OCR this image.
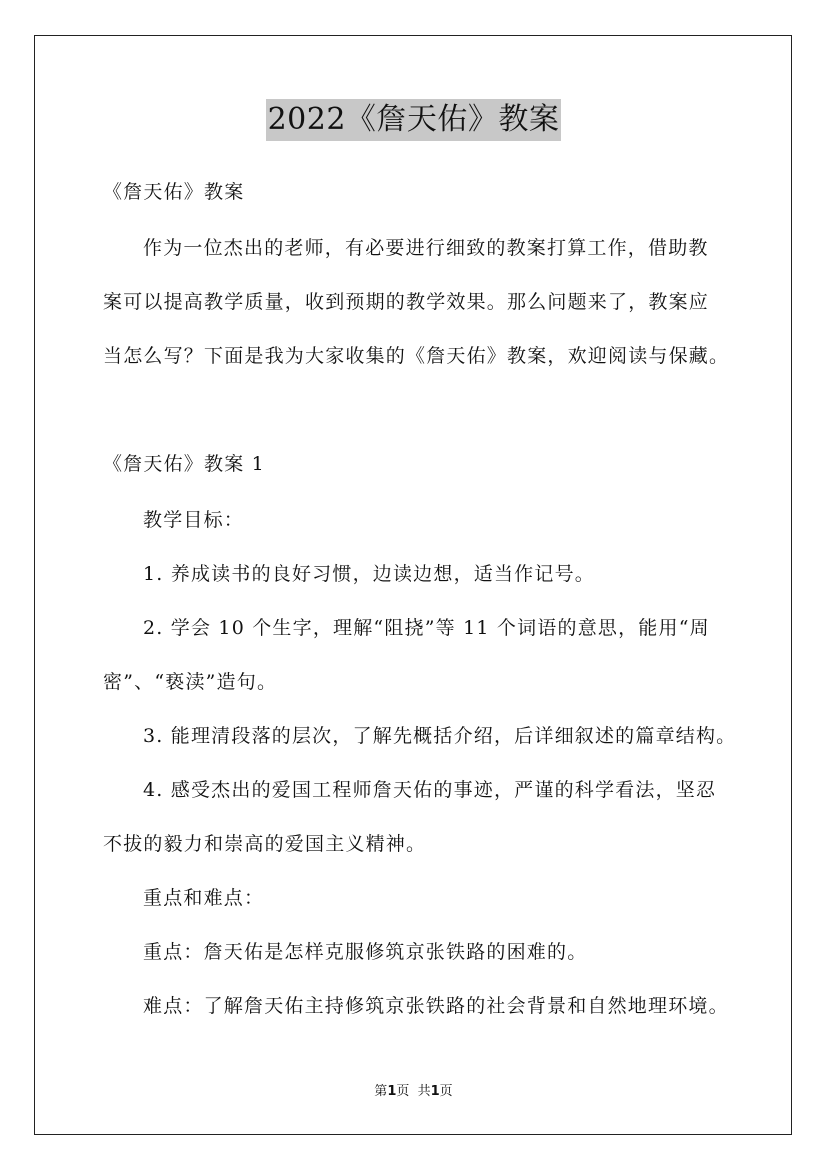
2022《詹天佑》教案
《詹天佑》教案
作为一位杰出的老师，有必要进行细致的教案打算工作，借助教
案可以提高教学质量，收到预期的教学效果。那么问题来了，教案应
当怎么写？下面是我为大家收集的《詹天佑》教案，欢迎阅读与保藏。
《詹天佑》教案 1
教学目标：
1. 养成读书的良好习惯，边读边想，适当作记号。
2. 学会 10 个生字，理解“阻挠”等 11 个词语的意思，能用“周
密”、“亵渎”造句。
3. 能理清段落的层次，了解先概括介绍，后详细叙述的篇章结构。
4. 感受杰出的爱国工程师詹天佑的事迹，严谨的科学看法，坚忍
不拔的毅力和崇高的爱国主义精神。
重点和难点：
重点：詹天佑是怎样克服修筑京张铁路的困难的。
难点：了解詹天佑主持修筑京张铁路的社会背景和自然地理环境。
第1页  共1页
